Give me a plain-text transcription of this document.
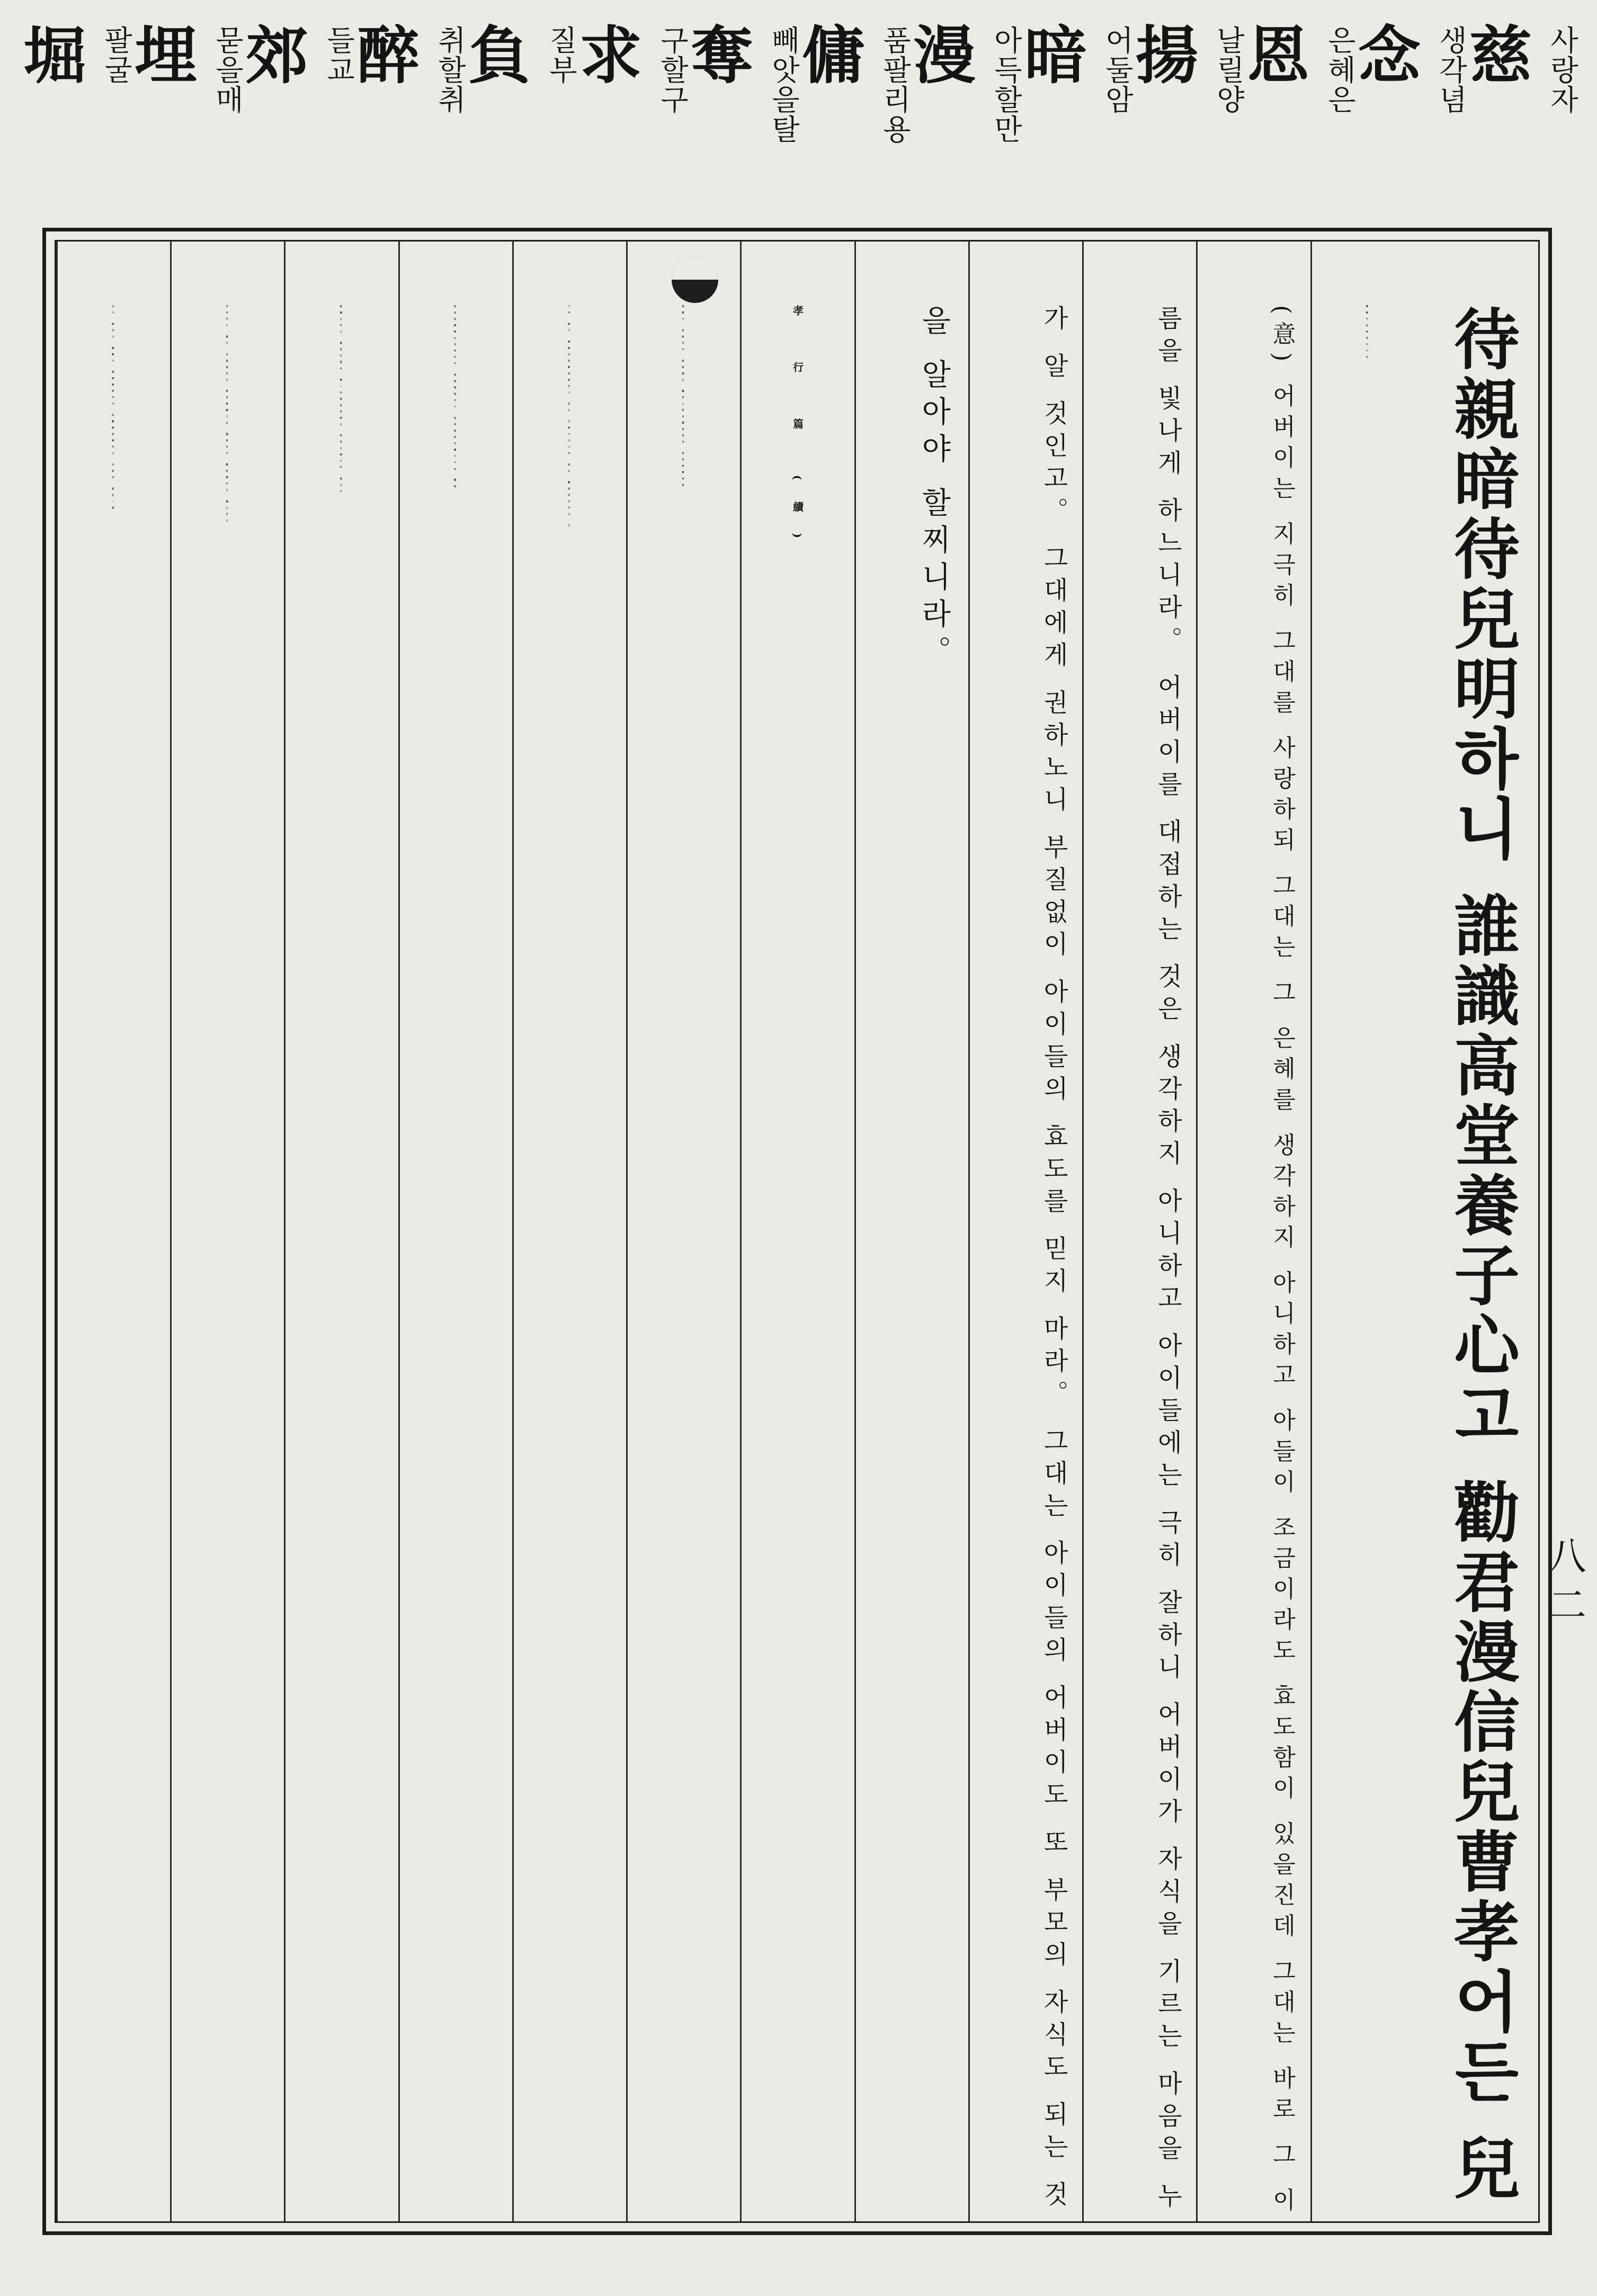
慈 사랑자
念 생각념
恩 은혜은
揚 날릴양
暗 어둘암
漫 아득할만
傭 품팔리용
奪 빼앗을탈
求 구할구
負 질부
醉 취할취
郊 들교
埋 묻을매
堀 팔굴
待親暗待兒明하니 誰識高堂養子心고 勸君漫信兒曹孝어든 兒
曹親子在君身이니라
(意) 어버이는 지극히 그대를 사랑하되 그대는 그 은혜를 생각하지 아니하고 아들이 조금이라도 효도함이 있을진데 그대는 바로 그 이
름을 빛나게 하느니라。 어버이를 대접하는 것은 생각하지 아니하고 아이들에는 극히 잘하니 어버이가 자식을 기르는 마음을 누
가 알 것인고。 그대에게 권하노니 부질없이 아이들의 효도를 믿지 마라。 그대는 아이들의 어버이도 또 부모의 자식도 되는 것
을 알아야 할찌니라。
孝 行 篇 (續)
孫順이 家貧하여 與其妻로 傭作人家以養母할새 有兒每奪母食
이라 順이 謂妻曰兒奪母食하니 兒는 可得이어니와 母는 難再求라하고 乃
負兒往歸醉山北郊하여 欲埋堀地러니 忽有甚奇石鐘이어늘 驚怪
試撞之하니 春容可愛라 妻ㅣ曰得此奇物은 殆兒之福이라 埋之不
可라하니 順이 以爲然하여 將兒與鐘으로 還家하여 懸於樑하고 撞之러니
王이 聞하고 鐘聲이 淸遠異常하여 而覈聞其實하고 曰昔에 郭巨ㅣ埋
八二
